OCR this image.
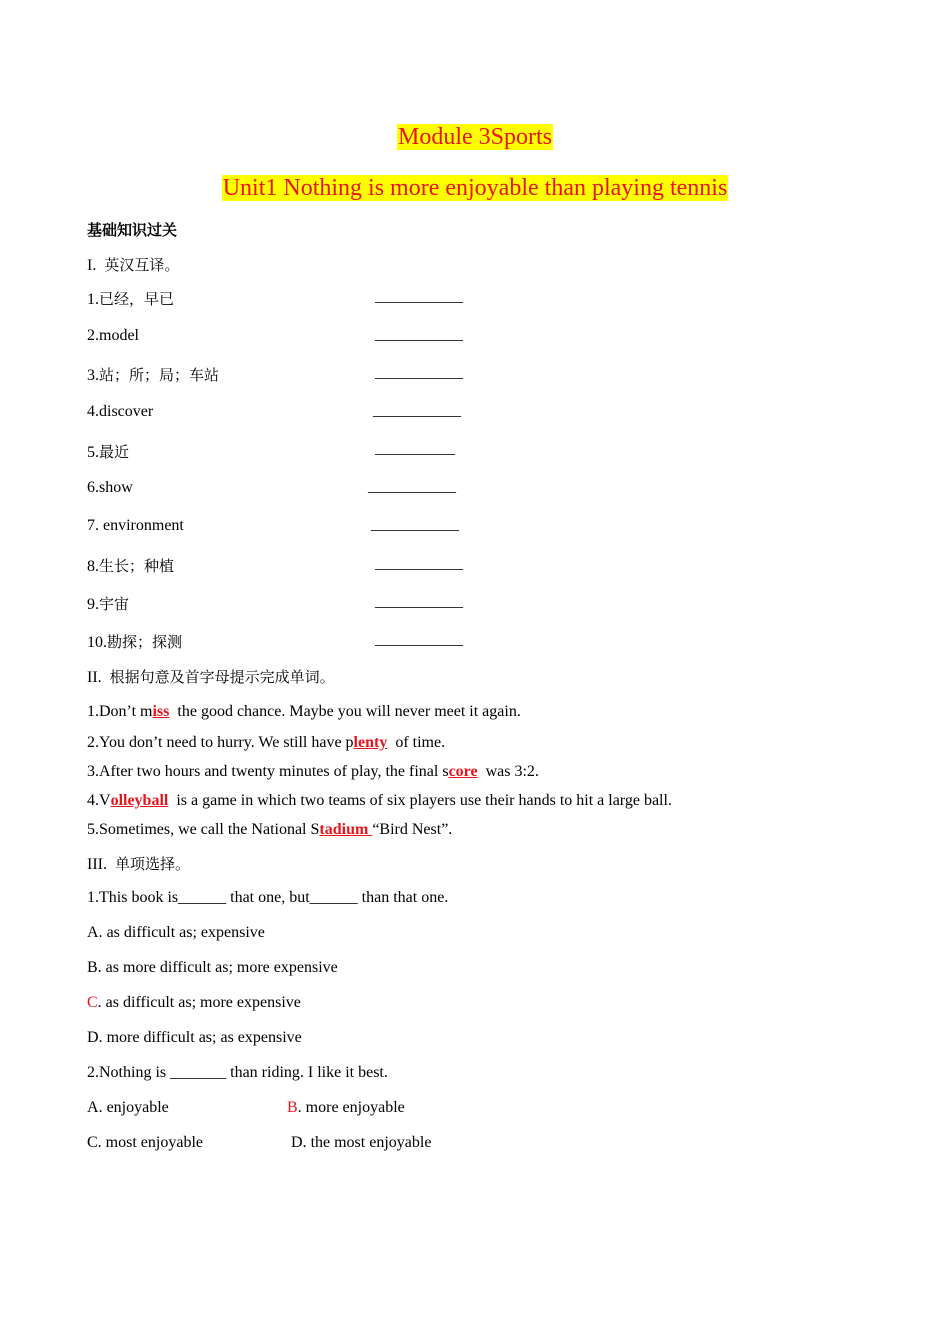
Module 3Sports
Unit1 Nothing is more enjoyable than playing tennis
基础知识过关
I. 英汉互译。
1.已经，早已	___________
2.model	___________
3.站；所；局；车站	___________
4.discover	___________
5.最近	__________
6.show	___________
7. environment	___________
8.生长；种植	___________
9.宇宙	___________
10.勘探；探测	___________
II. 根据句意及首字母提示完成单词。
1.Don’t miss  the good chance. Maybe you will never meet it again.
2.You don’t need to hurry. We still have plenty  of time.
3.After two hours and twenty minutes of play, the final score  was 3:2.
4.Volleyball  is a game in which two teams of six players use their hands to hit a large ball.
5.Sometimes, we call the National Stadium “Bird Nest”.
III. 单项选择。
1.This book is______ that one, but______ than that one.
A. as difficult as; expensive
B. as more difficult as; more expensive
C. as difficult as; more expensive
D. more difficult as; as expensive
2.Nothing is _______ than riding. I like it best.
A. enjoyable	B. more enjoyable
C. most enjoyable	D. the most enjoyable
